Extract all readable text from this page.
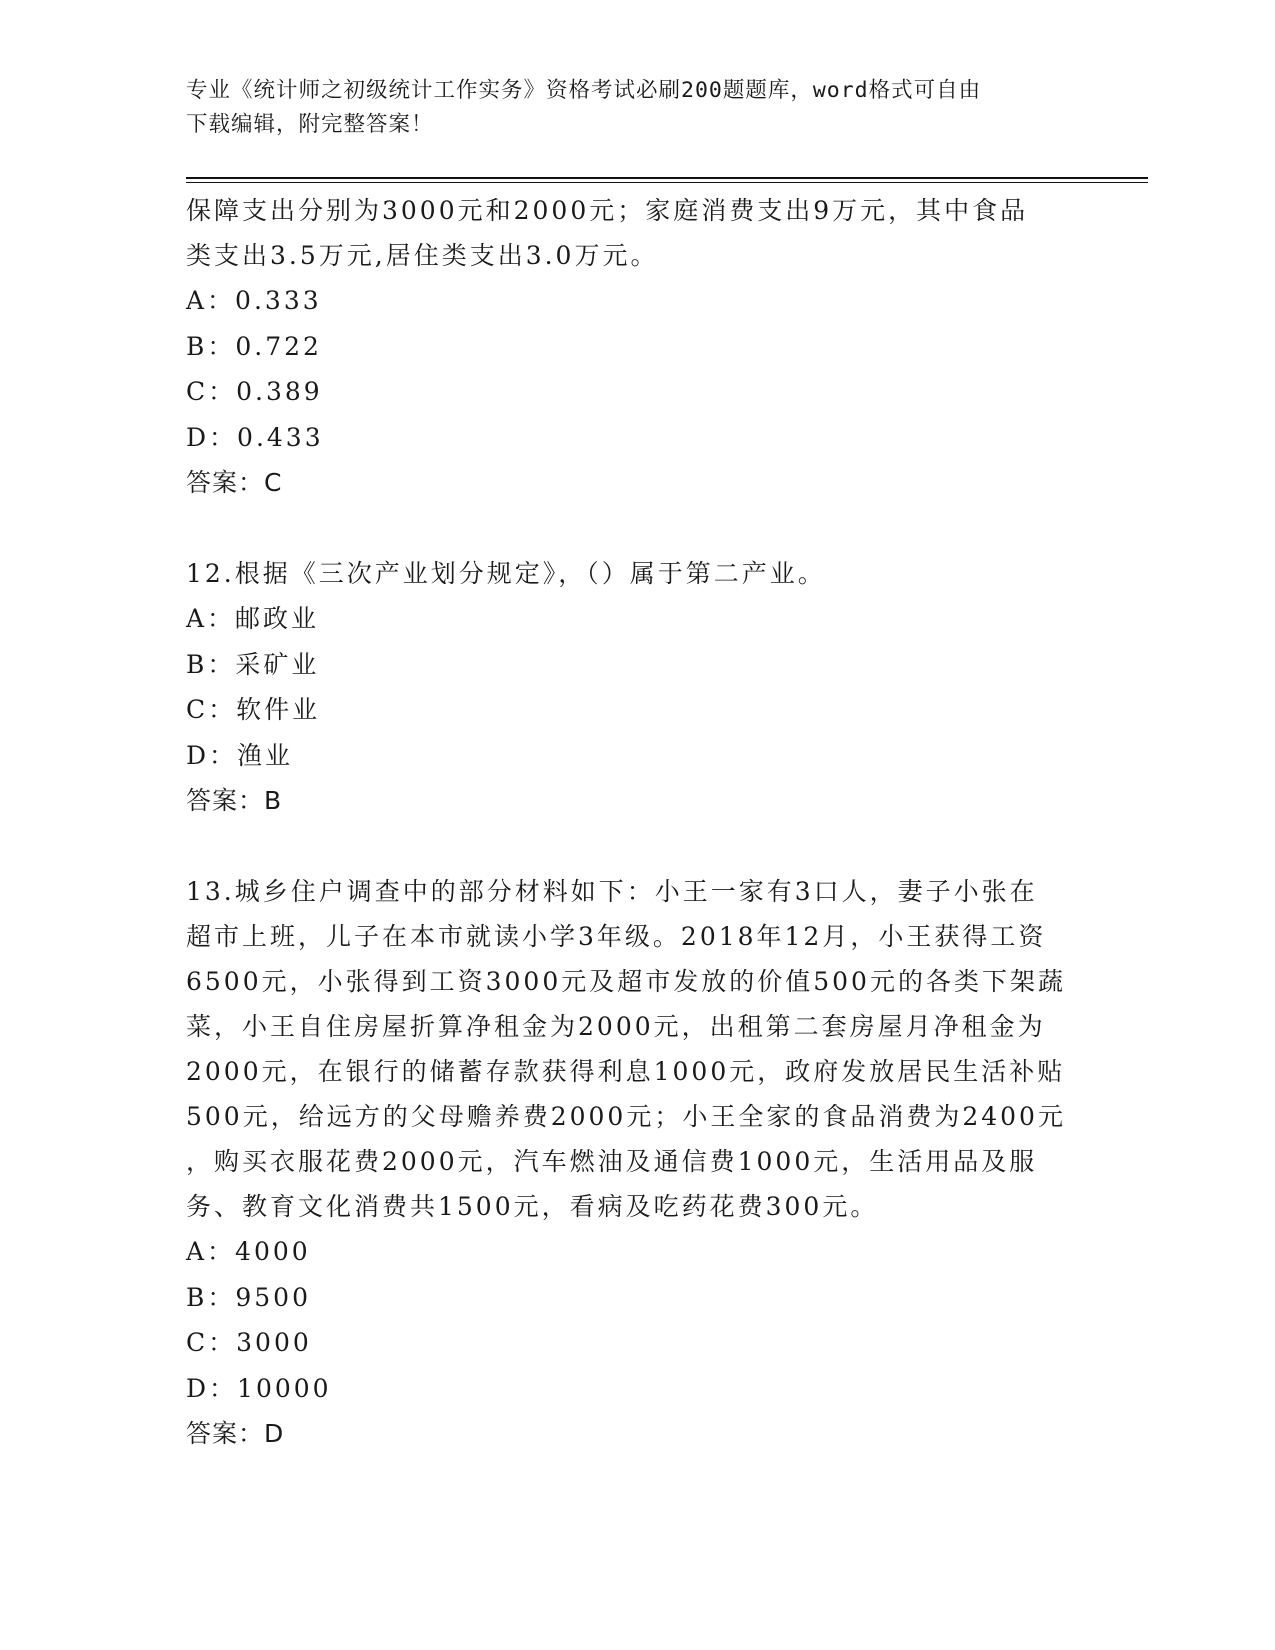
专业《统计师之初级统计工作实务》资格考试必刷200题题库，word格式可自由
下载编辑，附完整答案！
保障支出分别为3000元和2000元；家庭消费支出9万元，其中食品
类支出3.5万元,居住类支出3.0万元。
A：0.333
B：0.722
C：0.389
D：0.433
答案：C
12.根据《三次产业划分规定》，（）属于第二产业。
A：邮政业
B：采矿业
C：软件业
D：渔业
答案：B
13.城乡住户调查中的部分材料如下：小王一家有3口人，妻子小张在
超市上班，儿子在本市就读小学3年级。2018年12月，小王获得工资
6500元，小张得到工资3000元及超市发放的价值500元的各类下架蔬
菜，小王自住房屋折算净租金为2000元，出租第二套房屋月净租金为
2000元，在银行的储蓄存款获得利息1000元，政府发放居民生活补贴
500元，给远方的父母赡养费2000元；小王全家的食品消费为2400元
，购买衣服花费2000元，汽车燃油及通信费1000元，生活用品及服
务、教育文化消费共1500元，看病及吃药花费300元。
A：4000
B：9500
C：3000
D：10000
答案：D
